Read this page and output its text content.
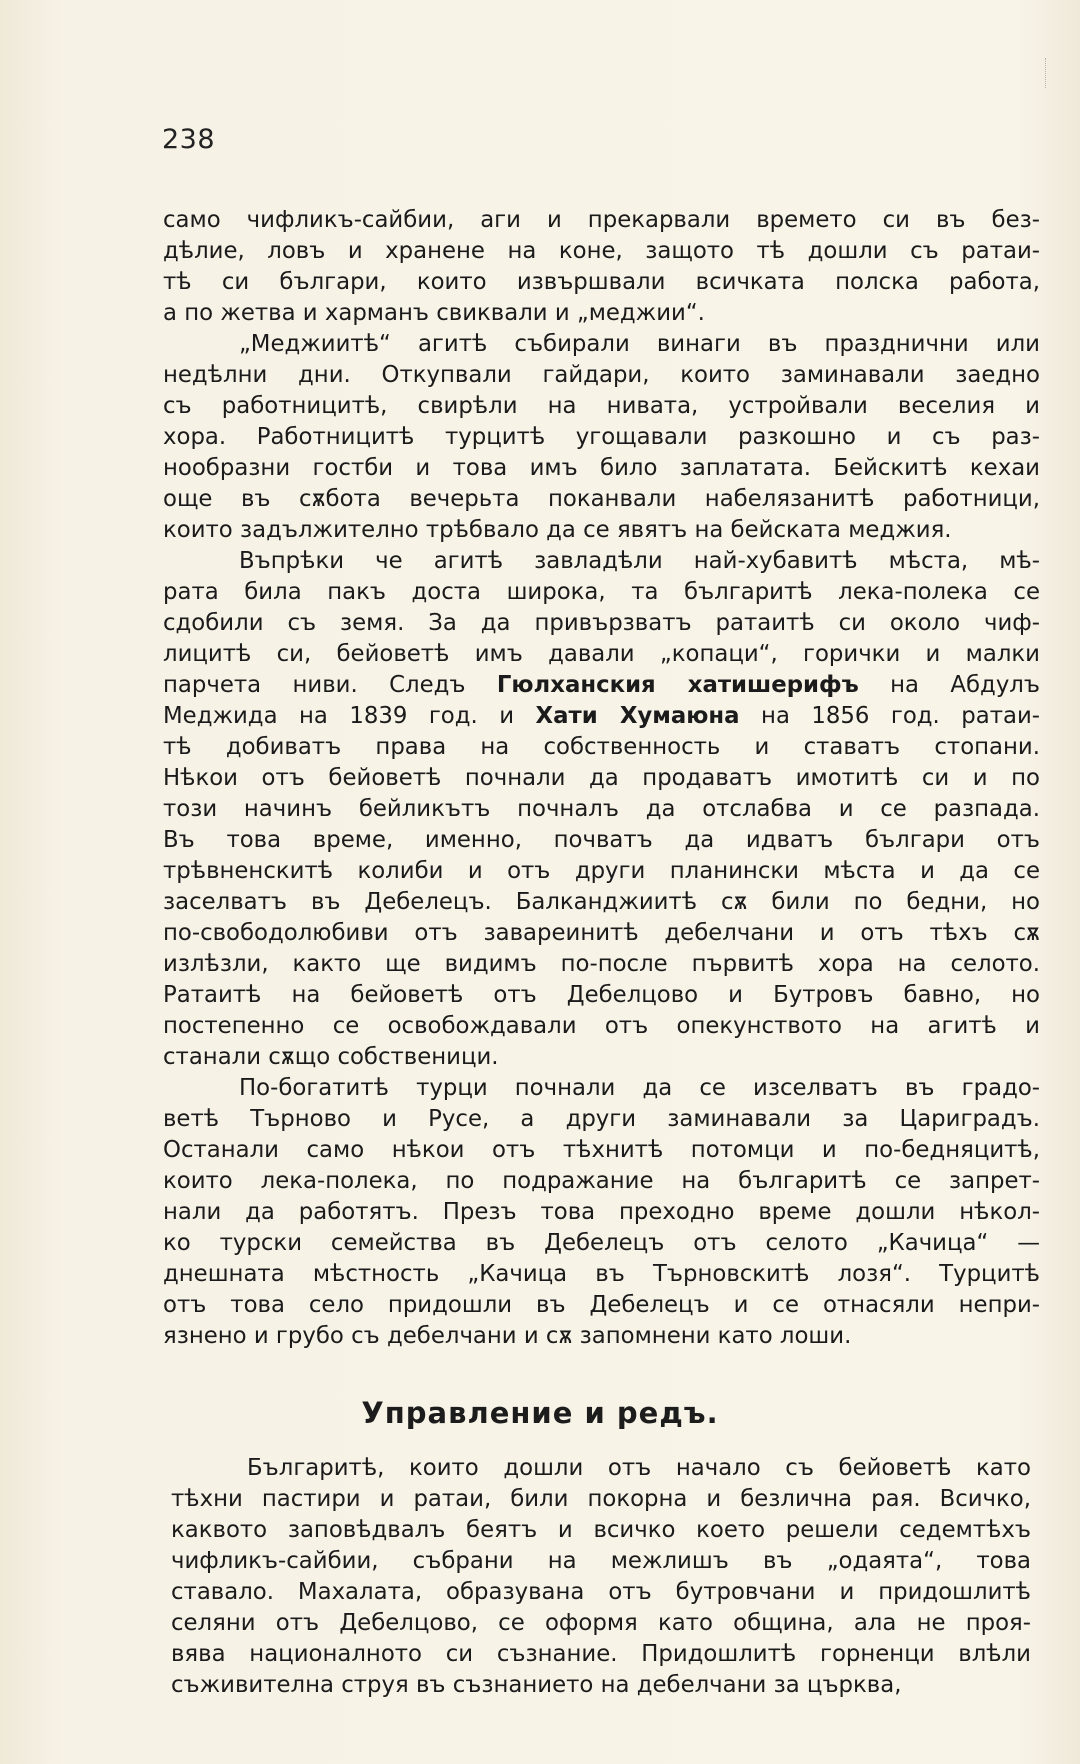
238
само чифликъ-сайбии, аги и прекарвали времето си въ без-
дѣлие, ловъ и хранене на коне, защото тѣ дошли съ ратаи-
тѣ си българи, които извършвали всичката полска работа,
а по жетва и харманъ свиквали и „меджии“.
„Меджиитѣ“ агитѣ събирали винаги въ празднични или
недѣлни дни. Откупвали гайдари, които заминавали заедно
съ работницитѣ, свирѣли на нивата, устройвали веселия и
хора. Работницитѣ турцитѣ угощавали разкошно и съ раз-
нообразни гостби и това имъ било заплатата. Бейскитѣ кехаи
още въ сѫбота вечерьта поканвали набелязанитѣ работници,
които задължително трѣбвало да се явятъ на бейската меджия.
Въпрѣки че агитѣ завладѣли най-хубавитѣ мѣста, мѣ-
рата била пакъ доста широка, та българитѣ лека-полека се
сдобили съ земя. За да привързватъ ратаитѣ си около чиф-
лицитѣ си, бейоветѣ имъ давали „копаци“, горички и малки
парчета ниви. Следъ Гюлханския хатишерифъ на Абдулъ
Меджида на 1839 год. и Хати Хумаюна на 1856 год. ратаи-
тѣ добиватъ права на собственность и ставатъ стопани.
Нѣкои отъ бейоветѣ почнали да продаватъ имотитѣ си и по
този начинъ бейликътъ почналъ да отслабва и се разпада.
Въ това време, именно, почватъ да идватъ българи отъ
трѣвненскитѣ колиби и отъ други планински мѣста и да се
заселватъ въ Дебелецъ. Балканджиитѣ сѫ били по бедни, но
по-свободолюбиви отъ завареинитѣ дебелчани и отъ тѣхъ сѫ
излѣзли, както ще видимъ по-после първитѣ хора на селото.
Ратаитѣ на бейоветѣ отъ Дебелцово и Бутровъ бавно, но
постепенно се освобождавали отъ опекунството на агитѣ и
станали сѫщо собственици.
По-богатитѣ турци почнали да се изселватъ въ градо-
ветѣ Търново и Русе, а други заминавали за Цариградъ.
Останали само нѣкои отъ тѣхнитѣ потомци и по-бедняцитѣ,
които лека-полека, по подражание на българитѣ се запрет-
нали да работятъ. Презъ това преходно време дошли нѣкол-
ко турски семейства въ Дебелецъ отъ селото „Качица“ —
днешната мѣстность „Качица въ Търновскитѣ лозя“. Турцитѣ
отъ това село придошли въ Дебелецъ и се отнасяли непри-
язнено и грубо съ дебелчани и сѫ запомнени като лоши.
Управление и редъ.
Българитѣ, които дошли отъ начало съ бейоветѣ като
тѣхни пастири и ратаи, били покорна и безлична рая. Всичко,
каквото заповѣдвалъ беятъ и всичко което решели седемтѣхъ
чифликъ-сайбии, събрани на межлишъ въ „одаята“, това
ставало. Махалата, образувана отъ бутровчани и придошлитѣ
селяни отъ Дебелцово, се оформя като община, ала не проя-
вява националното си съзнание. Придошлитѣ горненци влѣли
съживителна струя въ съзнанието на дебелчани за църква,
